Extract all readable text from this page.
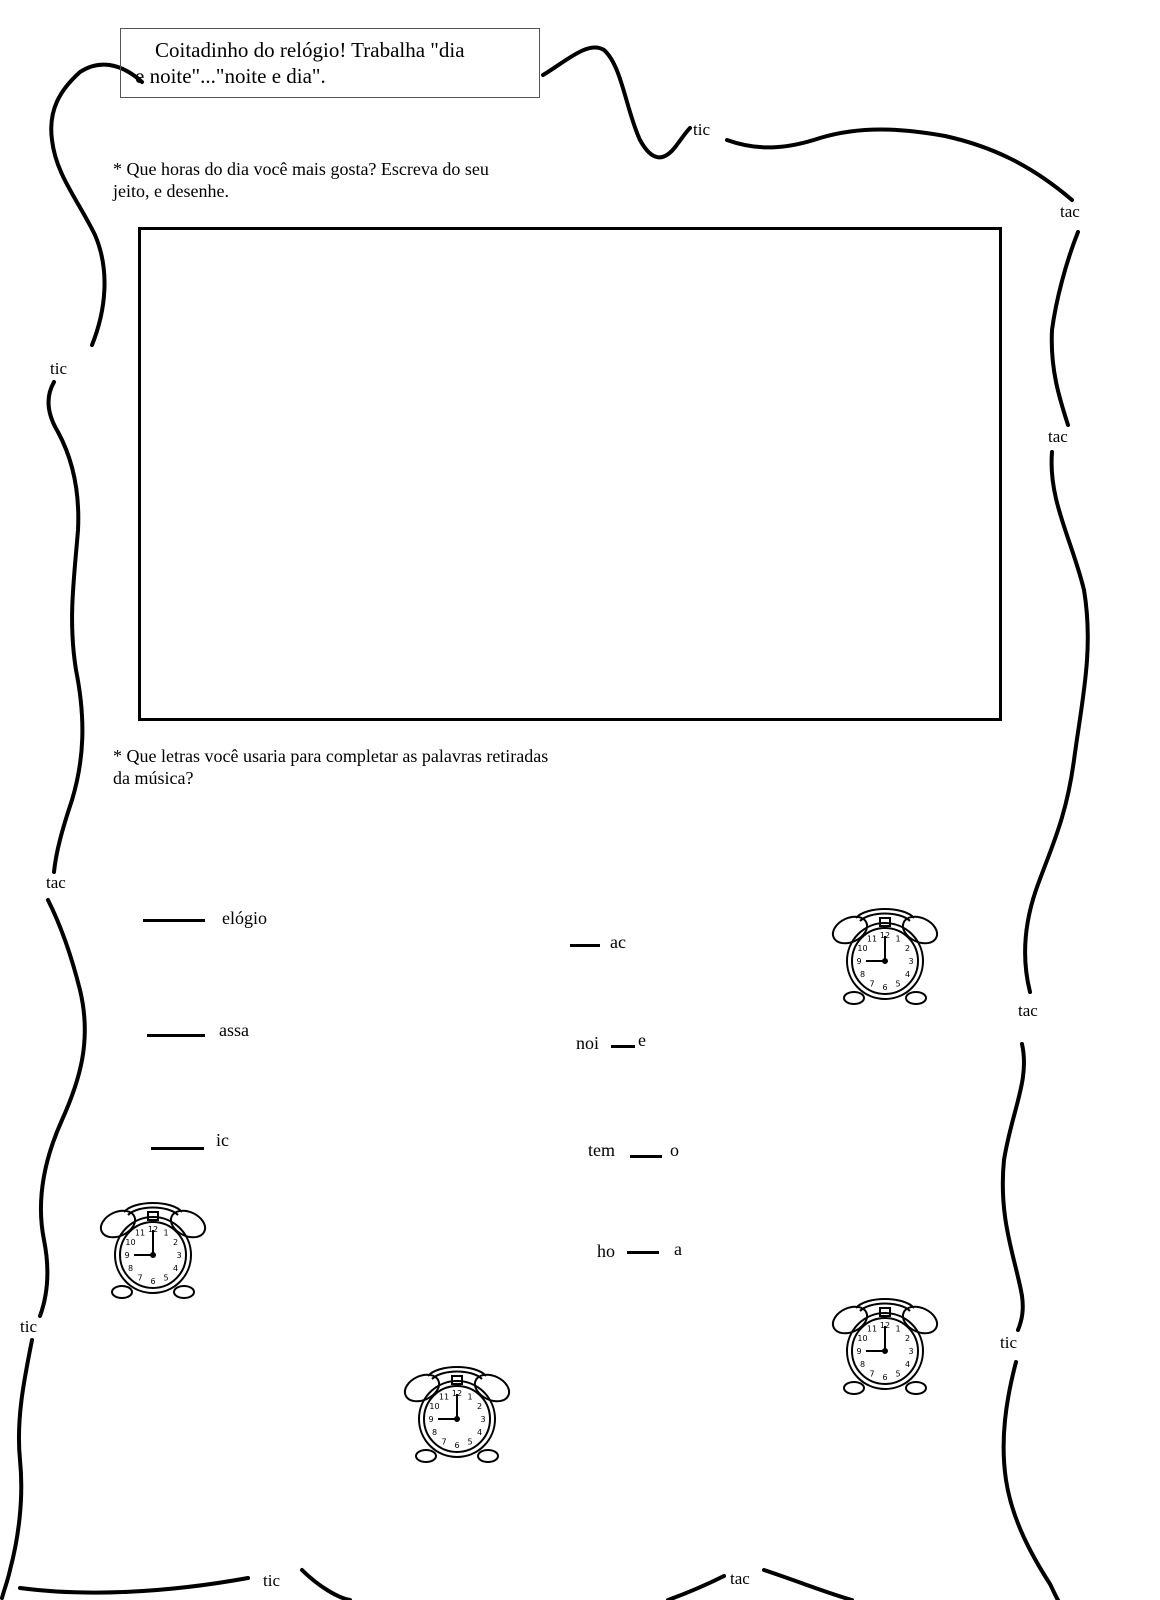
tic
tac
tac
tic
tac
tac
tic
tic
tic	tac
Coitadinho do relógio! Trabalha "dia
e noite"..."noite e dia".
* Que horas do dia você mais gosta? Escreva do seu
jeito, e desenhe.
* Que letras você usaria para completar as palavras retiradas
da música?
elógio
assa
ic
ac
noi e
tem	o
ho	a
12 1
2
3
4
5
6
7
8
9
10
11
12 1
2
3
4
5
6
7
8
9
10
11
12 1
2
3
4
5
6
7
8
9
10
11
12 1
2
3
4
5
6
7
8
9
10
11
